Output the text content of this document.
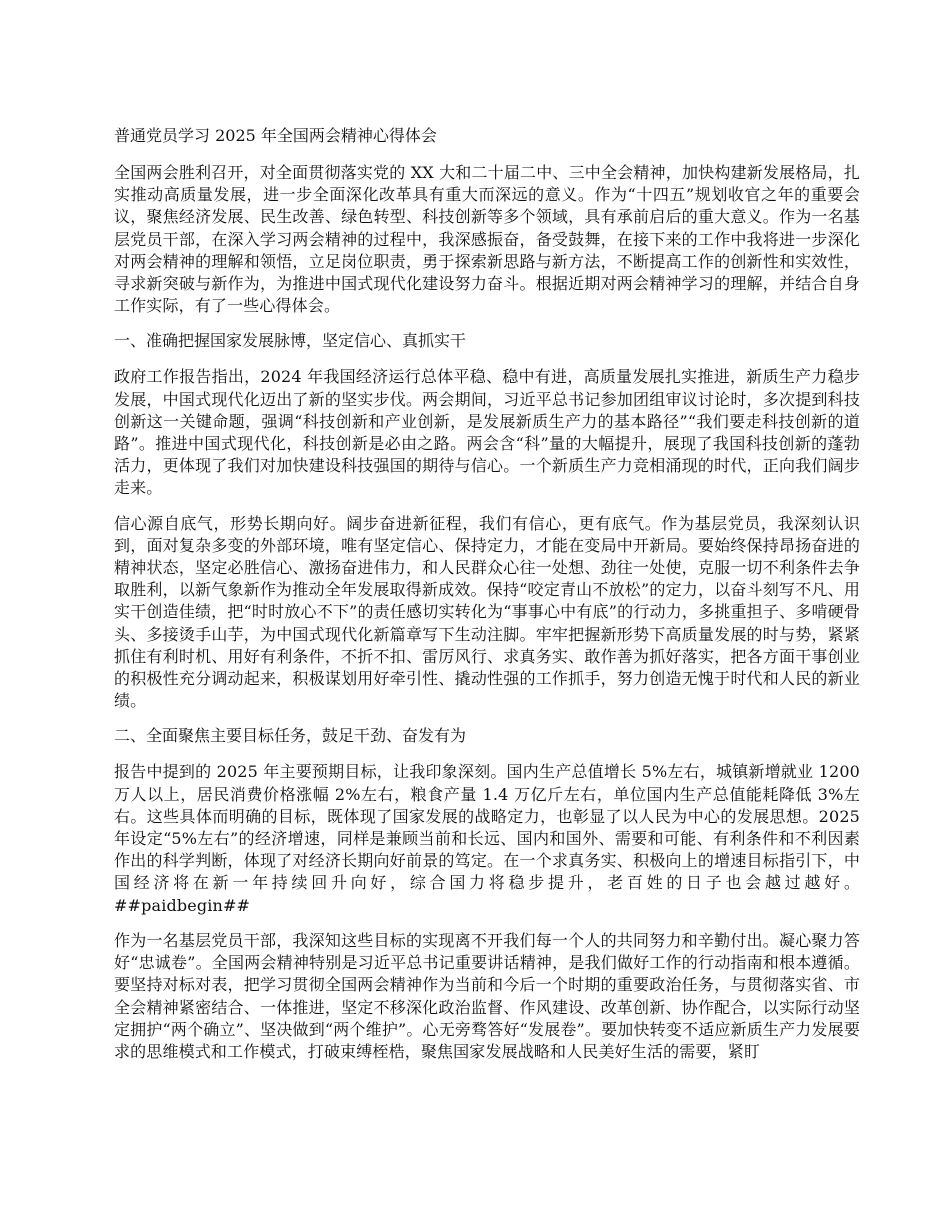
普通党员学习 2025 年全国两会精神心得体会

全国两会胜利召开，对全面贯彻落实党的 XX 大和二十届二中、三中全会精神，加快构建新发展格局，扎实推动高质量发展，进一步全面深化改革具有重大而深远的意义。作为“十四五”规划收官之年的重要会议，聚焦经济发展、民生改善、绿色转型、科技创新等多个领域，具有承前启后的重大意义。作为一名基层党员干部，在深入学习两会精神的过程中，我深感振奋，备受鼓舞，在接下来的工作中我将进一步深化对两会精神的理解和领悟，立足岗位职责，勇于探索新思路与新方法，不断提高工作的创新性和实效性，寻求新突破与新作为，为推进中国式现代化建设努力奋斗。根据近期对两会精神学习的理解，并结合自身工作实际，有了一些心得体会。

一、准确把握国家发展脉博，坚定信心、真抓实干

政府工作报告指出，2024 年我国经济运行总体平稳、稳中有进，高质量发展扎实推进，新质生产力稳步发展，中国式现代化迈出了新的坚实步伐。两会期间，习近平总书记参加团组审议讨论时，多次提到科技创新这一关键命题，强调“科技创新和产业创新，是发展新质生产力的基本路径”“我们要走科技创新的道路”。推进中国式现代化，科技创新是必由之路。两会含“科”量的大幅提升，展现了我国科技创新的蓬勃活力，更体现了我们对加快建设科技强国的期待与信心。一个新质生产力竞相涌现的时代，正向我们阔步走来。

信心源自底气，形势长期向好。阔步奋进新征程，我们有信心，更有底气。作为基层党员，我深刻认识到，面对复杂多变的外部环境，唯有坚定信心、保持定力，才能在变局中开新局。要始终保持昂扬奋进的精神状态，坚定必胜信心、激扬奋进伟力，和人民群众心往一处想、劲往一处使，克服一切不利条件去争取胜利，以新气象新作为推动全年发展取得新成效。保持“咬定青山不放松”的定力，以奋斗刻写不凡、用实干创造佳绩，把“时时放心不下”的责任感切实转化为“事事心中有底”的行动力，多挑重担子、多啃硬骨头、多接烫手山芋，为中国式现代化新篇章写下生动注脚。牢牢把握新形势下高质量发展的时与势，紧紧抓住有利时机、用好有利条件，不折不扣、雷厉风行、求真务实、敢作善为抓好落实，把各方面干事创业的积极性充分调动起来，积极谋划用好牵引性、撬动性强的工作抓手，努力创造无愧于时代和人民的新业绩。

二、全面聚焦主要目标任务，鼓足干劲、奋发有为

报告中提到的 2025 年主要预期目标，让我印象深刻。国内生产总值增长 5%左右，城镇新增就业 1200 万人以上，居民消费价格涨幅 2%左右，粮食产量 1.4 万亿斤左右，单位国内生产总值能耗降低 3%左右。这些具体而明确的目标，既体现了国家发展的战略定力，也彰显了以人民为中心的发展思想。2025 年设定“5%左右”的经济增速，同样是兼顾当前和长远、国内和国外、需要和可能、有利条件和不利因素作出的科学判断，体现了对经济长期向好前景的笃定。在一个求真务实、积极向上的增速目标指引下，中国经济将在新一年持续回升向好，综合国力将稳步提升，老百姓的日子也会越过越好。##paidbegin##

作为一名基层党员干部，我深知这些目标的实现离不开我们每一个人的共同努力和辛勤付出。凝心聚力答好“忠诚卷”。全国两会精神特别是习近平总书记重要讲话精神，是我们做好工作的行动指南和根本遵循。要坚持对标对表，把学习贯彻全国两会精神作为当前和今后一个时期的重要政治任务，与贯彻落实省、市全会精神紧密结合、一体推进，坚定不移深化政治监督、作风建设、改革创新、协作配合，以实际行动坚定拥护“两个确立”、坚决做到“两个维护”。心无旁骛答好“发展卷”。要加快转变不适应新质生产力发展要求的思维模式和工作模式，打破束缚桎梏，聚焦国家发展战略和人民美好生活的需要，紧盯
